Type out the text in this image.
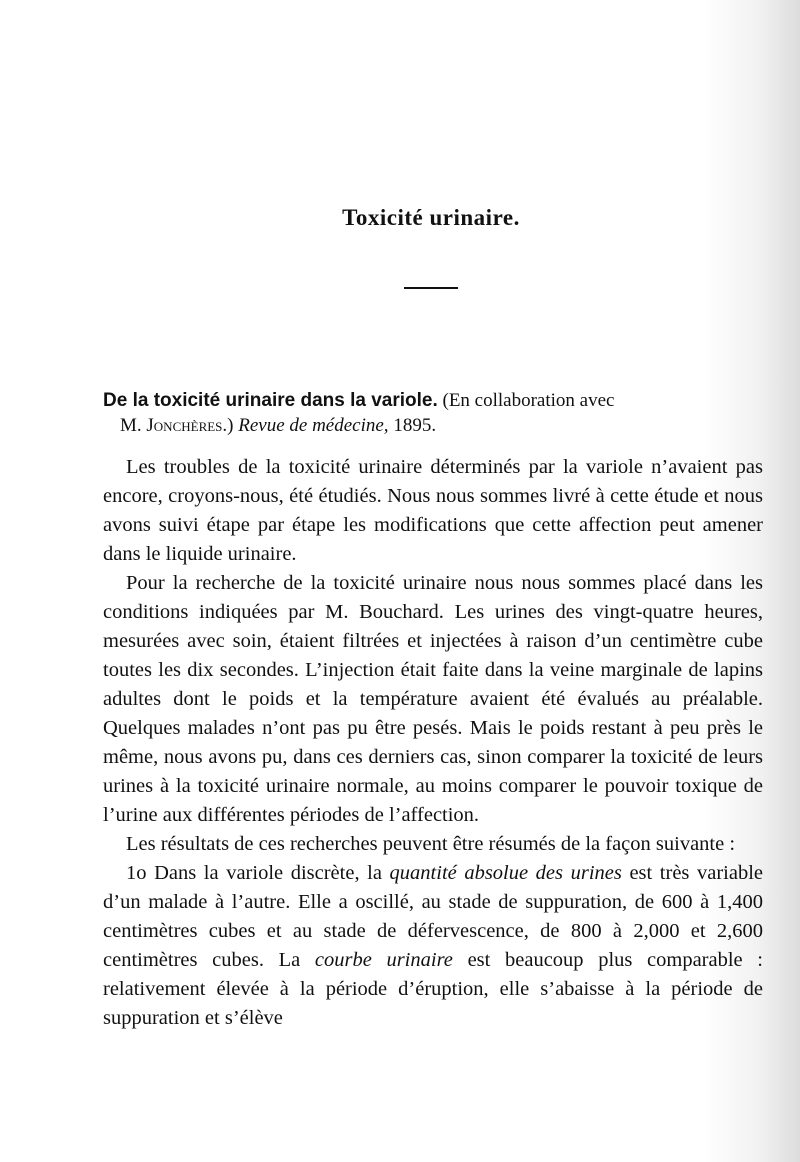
Toxicité urinaire.

De la toxicité urinaire dans la variole. (En collaboration avec
M. Jonchères.) Revue de médecine, 1895.

Les troubles de la toxicité urinaire déterminés par la variole n’avaient pas encore, croyons-nous, été étudiés. Nous nous sommes livré à cette étude et nous avons suivi étape par étape les modifications que cette affection peut amener dans le liquide urinaire.

Pour la recherche de la toxicité urinaire nous nous sommes placé dans les conditions indiquées par M. Bouchard. Les urines des vingt-quatre heures, mesurées avec soin, étaient filtrées et injectées à raison d’un centimètre cube toutes les dix secondes. L’injection était faite dans la veine marginale de lapins adultes dont le poids et la température avaient été évalués au préalable. Quelques malades n’ont pas pu être pesés. Mais le poids restant à peu près le même, nous avons pu, dans ces derniers cas, sinon comparer la toxicité de leurs urines à la toxicité urinaire normale, au moins comparer le pouvoir toxique de l’urine aux différentes périodes de l’affection.

Les résultats de ces recherches peuvent être résumés de la façon suivante :

1o Dans la variole discrète, la quantité absolue des urines est très variable d’un malade à l’autre. Elle a oscillé, au stade de suppuration, de 600 à 1,400 centimètres cubes et au stade de défervescence, de 800 à 2,000 et 2,600 centimètres cubes. La courbe urinaire est beaucoup plus comparable : relativement élevée à la période d’éruption, elle s’abaisse à la période de suppuration et s’élève
